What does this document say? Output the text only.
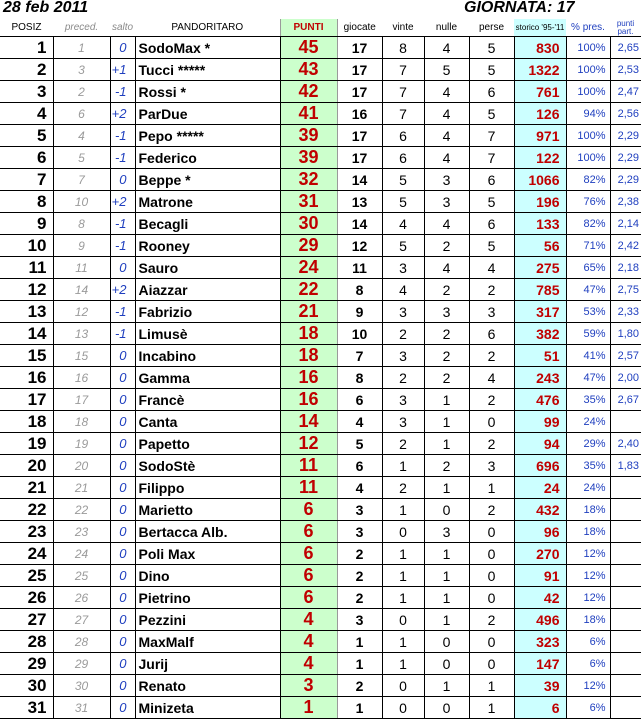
28 feb 2011	GIORNATA: 17
POSIZ	preced.	salto	PANDORITARO	PUNTI	giocate	vinte	nulle	perse	storico '95-'11	% pres.	punti part.
1	1	0	SodoMax *	45	17	8	4	5	830	100%	2,65
2	3	+1	Tucci *****	43	17	7	5	5	1322	100%	2,53
3	2	-1	Rossi *	42	17	7	4	6	761	100%	2,47
4	6	+2	ParDue	41	16	7	4	5	126	94%	2,56
5	4	-1	Pepo *****	39	17	6	4	7	971	100%	2,29
6	5	-1	Federico	39	17	6	4	7	122	100%	2,29
7	7	0	Beppe *	32	14	5	3	6	1066	82%	2,29
8	10	+2	Matrone	31	13	5	3	5	196	76%	2,38
9	8	-1	Becagli	30	14	4	4	6	133	82%	2,14
10	9	-1	Rooney	29	12	5	2	5	56	71%	2,42
11	11	0	Sauro	24	11	3	4	4	275	65%	2,18
12	14	+2	Aiazzar	22	8	4	2	2	785	47%	2,75
13	12	-1	Fabrizio	21	9	3	3	3	317	53%	2,33
14	13	-1	Limusè	18	10	2	2	6	382	59%	1,80
15	15	0	Incabino	18	7	3	2	2	51	41%	2,57
16	16	0	Gamma	16	8	2	2	4	243	47%	2,00
17	17	0	Francè	16	6	3	1	2	476	35%	2,67
18	18	0	Canta	14	4	3	1	0	99	24%	
19	19	0	Papetto	12	5	2	1	2	94	29%	2,40
20	20	0	SodoStè	11	6	1	2	3	696	35%	1,83
21	21	0	Filippo	11	4	2	1	1	24	24%	
22	22	0	Marietto	6	3	1	0	2	432	18%	
23	23	0	Bertacca Alb.	6	3	0	3	0	96	18%	
24	24	0	Poli Max	6	2	1	1	0	270	12%	
25	25	0	Dino	6	2	1	1	0	91	12%	
26	26	0	Pietrino	6	2	1	1	0	42	12%	
27	27	0	Pezzini	4	3	0	1	2	496	18%	
28	28	0	MaxMalf	4	1	1	0	0	323	6%	
29	29	0	Jurij	4	1	1	0	0	147	6%	
30	30	0	Renato	3	2	0	1	1	39	12%	
31	31	0	Minizeta	1	1	0	0	1	6	6%	
